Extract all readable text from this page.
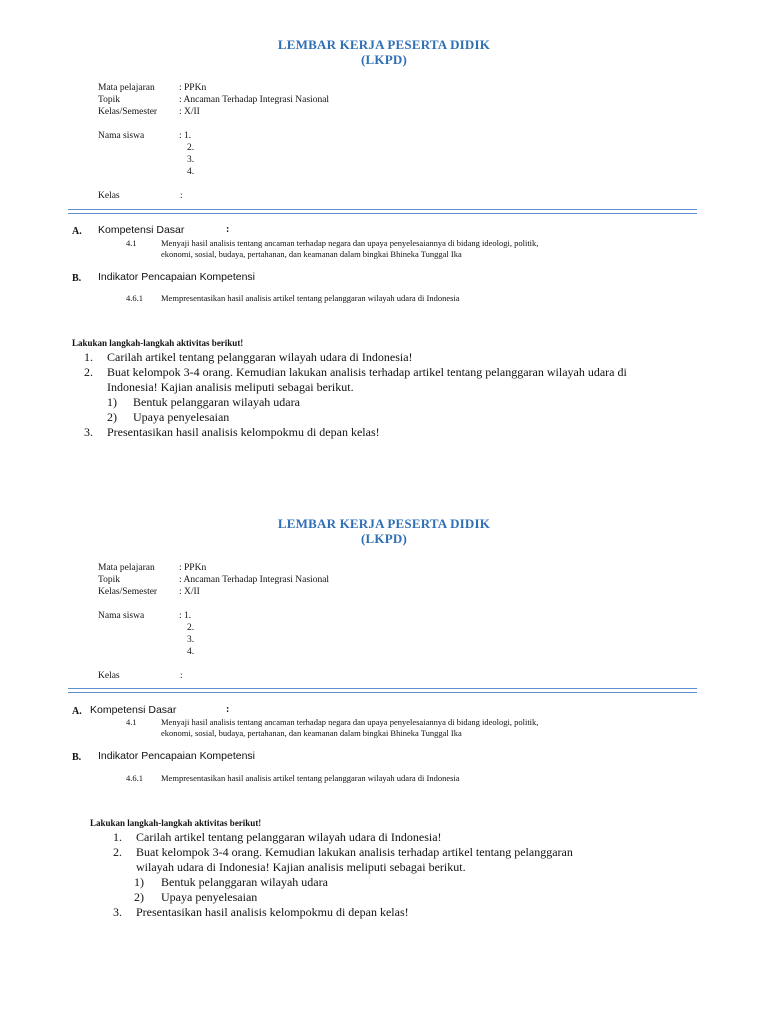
LEMBAR KERJA PESERTA DIDIK
(LKPD)
Mata pelajaran	: PPKn
Topik	: Ancaman Terhadap Integrasi Nasional
Kelas/Semester : X/II
Nama siswa	: 1.
2.
3.
4.
Kelas	:
A. Kompetensi Dasar	:
4.1	Menyaji hasil analisis tentang ancaman terhadap negara dan upaya penyelesaiannya di bidang ideologi, politik,
ekonomi, sosial, budaya, pertahanan, dan keamanan dalam bingkai Bhineka Tunggal Ika
B. Indikator Pencapaian Kompetensi
4.6.1 Mempresentasikan hasil analisis artikel tentang pelanggaran wilayah udara di Indonesia
Lakukan langkah-langkah aktivitas berikut!
1. Carilah artikel tentang pelanggaran wilayah udara di Indonesia!
2. Buat kelompok 3-4 orang. Kemudian lakukan analisis terhadap artikel tentang pelanggaran wilayah udara di
Indonesia! Kajian analisis meliputi sebagai berikut.
1) Bentuk pelanggaran wilayah udara
2) Upaya penyelesaian
3. Presentasikan hasil analisis kelompokmu di depan kelas!
LEMBAR KERJA PESERTA DIDIK
(LKPD)
Mata pelajaran	: PPKn
Topik	: Ancaman Terhadap Integrasi Nasional
Kelas/Semester : X/II
Nama siswa	: 1.
2.
3.
4.
Kelas	:
A. Kompetensi Dasar	:
4.1	Menyaji hasil analisis tentang ancaman terhadap negara dan upaya penyelesaiannya di bidang ideologi, politik,
ekonomi, sosial, budaya, pertahanan, dan keamanan dalam bingkai Bhineka Tunggal Ika
B. Indikator Pencapaian Kompetensi
4.6.1 Mempresentasikan hasil analisis artikel tentang pelanggaran wilayah udara di Indonesia
Lakukan langkah-langkah aktivitas berikut!
1. Carilah artikel tentang pelanggaran wilayah udara di Indonesia!
2. Buat kelompok 3-4 orang. Kemudian lakukan analisis terhadap artikel tentang pelanggaran
wilayah udara di Indonesia! Kajian analisis meliputi sebagai berikut.
1) Bentuk pelanggaran wilayah udara
2) Upaya penyelesaian
3. Presentasikan hasil analisis kelompokmu di depan kelas!
